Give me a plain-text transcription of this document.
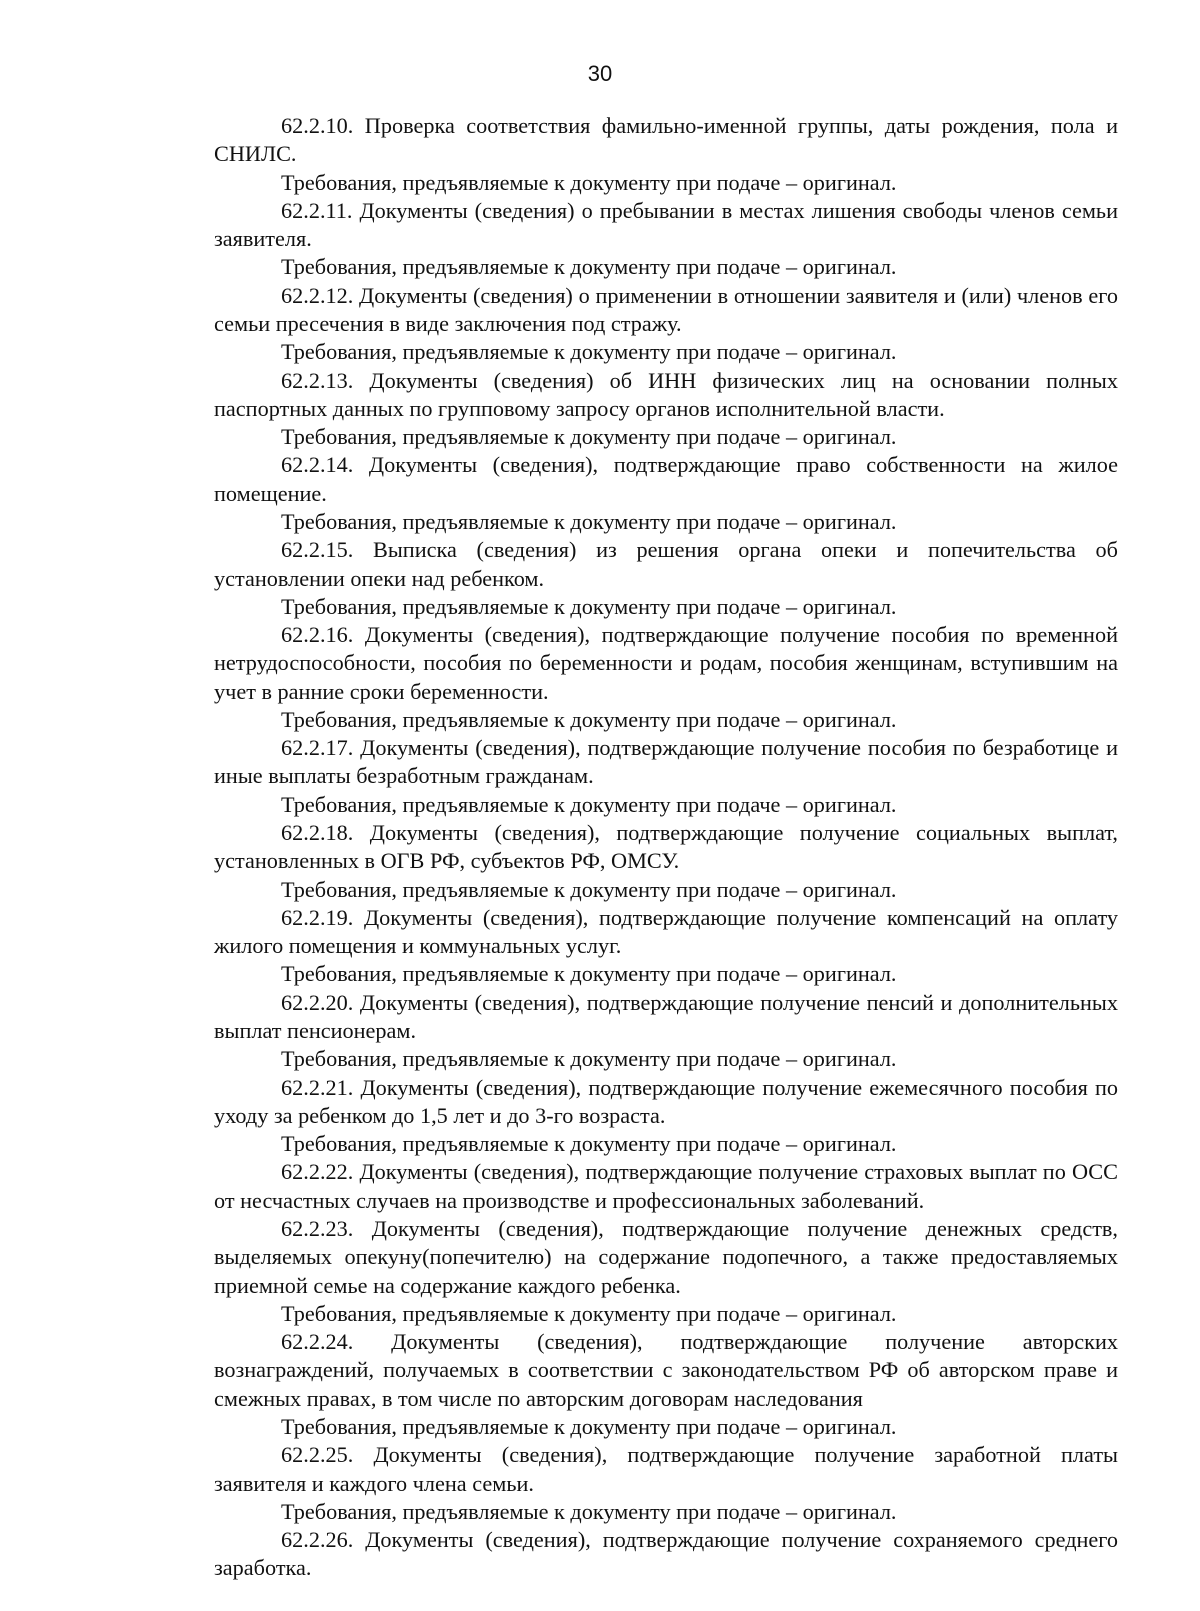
30

62.2.10. Проверка соответствия фамильно-именной группы, даты рождения, пола и СНИЛС.

Требования, предъявляемые к документу при подаче – оригинал.

62.2.11. Документы (сведения) о пребывании в местах лишения свободы членов семьи заявителя.

Требования, предъявляемые к документу при подаче – оригинал.

62.2.12. Документы (сведения) о применении в отношении заявителя и (или) членов его семьи пресечения в виде заключения под стражу.

Требования, предъявляемые к документу при подаче – оригинал.

62.2.13. Документы (сведения) об ИНН физических лиц на основании полных паспортных данных по групповому запросу органов исполнительной власти.

Требования, предъявляемые к документу при подаче – оригинал.

62.2.14. Документы (сведения), подтверждающие право собственности на жилое помещение.

Требования, предъявляемые к документу при подаче – оригинал.

62.2.15. Выписка (сведения) из решения органа опеки и попечительства об установлении опеки над ребенком.

Требования, предъявляемые к документу при подаче – оригинал.

62.2.16. Документы (сведения), подтверждающие получение пособия по временной нетрудоспособности, пособия по беременности и родам, пособия женщинам, вступившим на учет в ранние сроки беременности.

Требования, предъявляемые к документу при подаче – оригинал.

62.2.17. Документы (сведения), подтверждающие получение пособия по безработице и иные выплаты безработным гражданам.

Требования, предъявляемые к документу при подаче – оригинал.

62.2.18. Документы (сведения), подтверждающие получение социальных выплат, установленных в ОГВ РФ, субъектов РФ, ОМСУ.

Требования, предъявляемые к документу при подаче – оригинал.

62.2.19. Документы (сведения), подтверждающие получение компенсаций на оплату жилого помещения и коммунальных услуг.

Требования, предъявляемые к документу при подаче – оригинал.

62.2.20. Документы (сведения), подтверждающие получение пенсий и дополнительных выплат пенсионерам.

Требования, предъявляемые к документу при подаче – оригинал.

62.2.21. Документы (сведения), подтверждающие получение ежемесячного пособия по уходу за ребенком до 1,5 лет и до 3-го возраста.

Требования, предъявляемые к документу при подаче – оригинал.

62.2.22. Документы (сведения), подтверждающие получение страховых выплат по ОСС от несчастных случаев на производстве и профессиональных заболеваний.

62.2.23. Документы (сведения), подтверждающие получение денежных средств, выделяемых опекуну(попечителю) на содержание подопечного, а также предоставляемых приемной семье на содержание каждого ребенка.

Требования, предъявляемые к документу при подаче – оригинал.

62.2.24. Документы (сведения), подтверждающие получение авторских вознаграждений, получаемых в соответствии с законодательством РФ об авторском праве и смежных правах, в том числе по авторским договорам наследования

Требования, предъявляемые к документу при подаче – оригинал.

62.2.25. Документы (сведения), подтверждающие получение заработной платы заявителя и каждого члена семьи.

Требования, предъявляемые к документу при подаче – оригинал.

62.2.26. Документы (сведения), подтверждающие получение сохраняемого среднего заработка.
